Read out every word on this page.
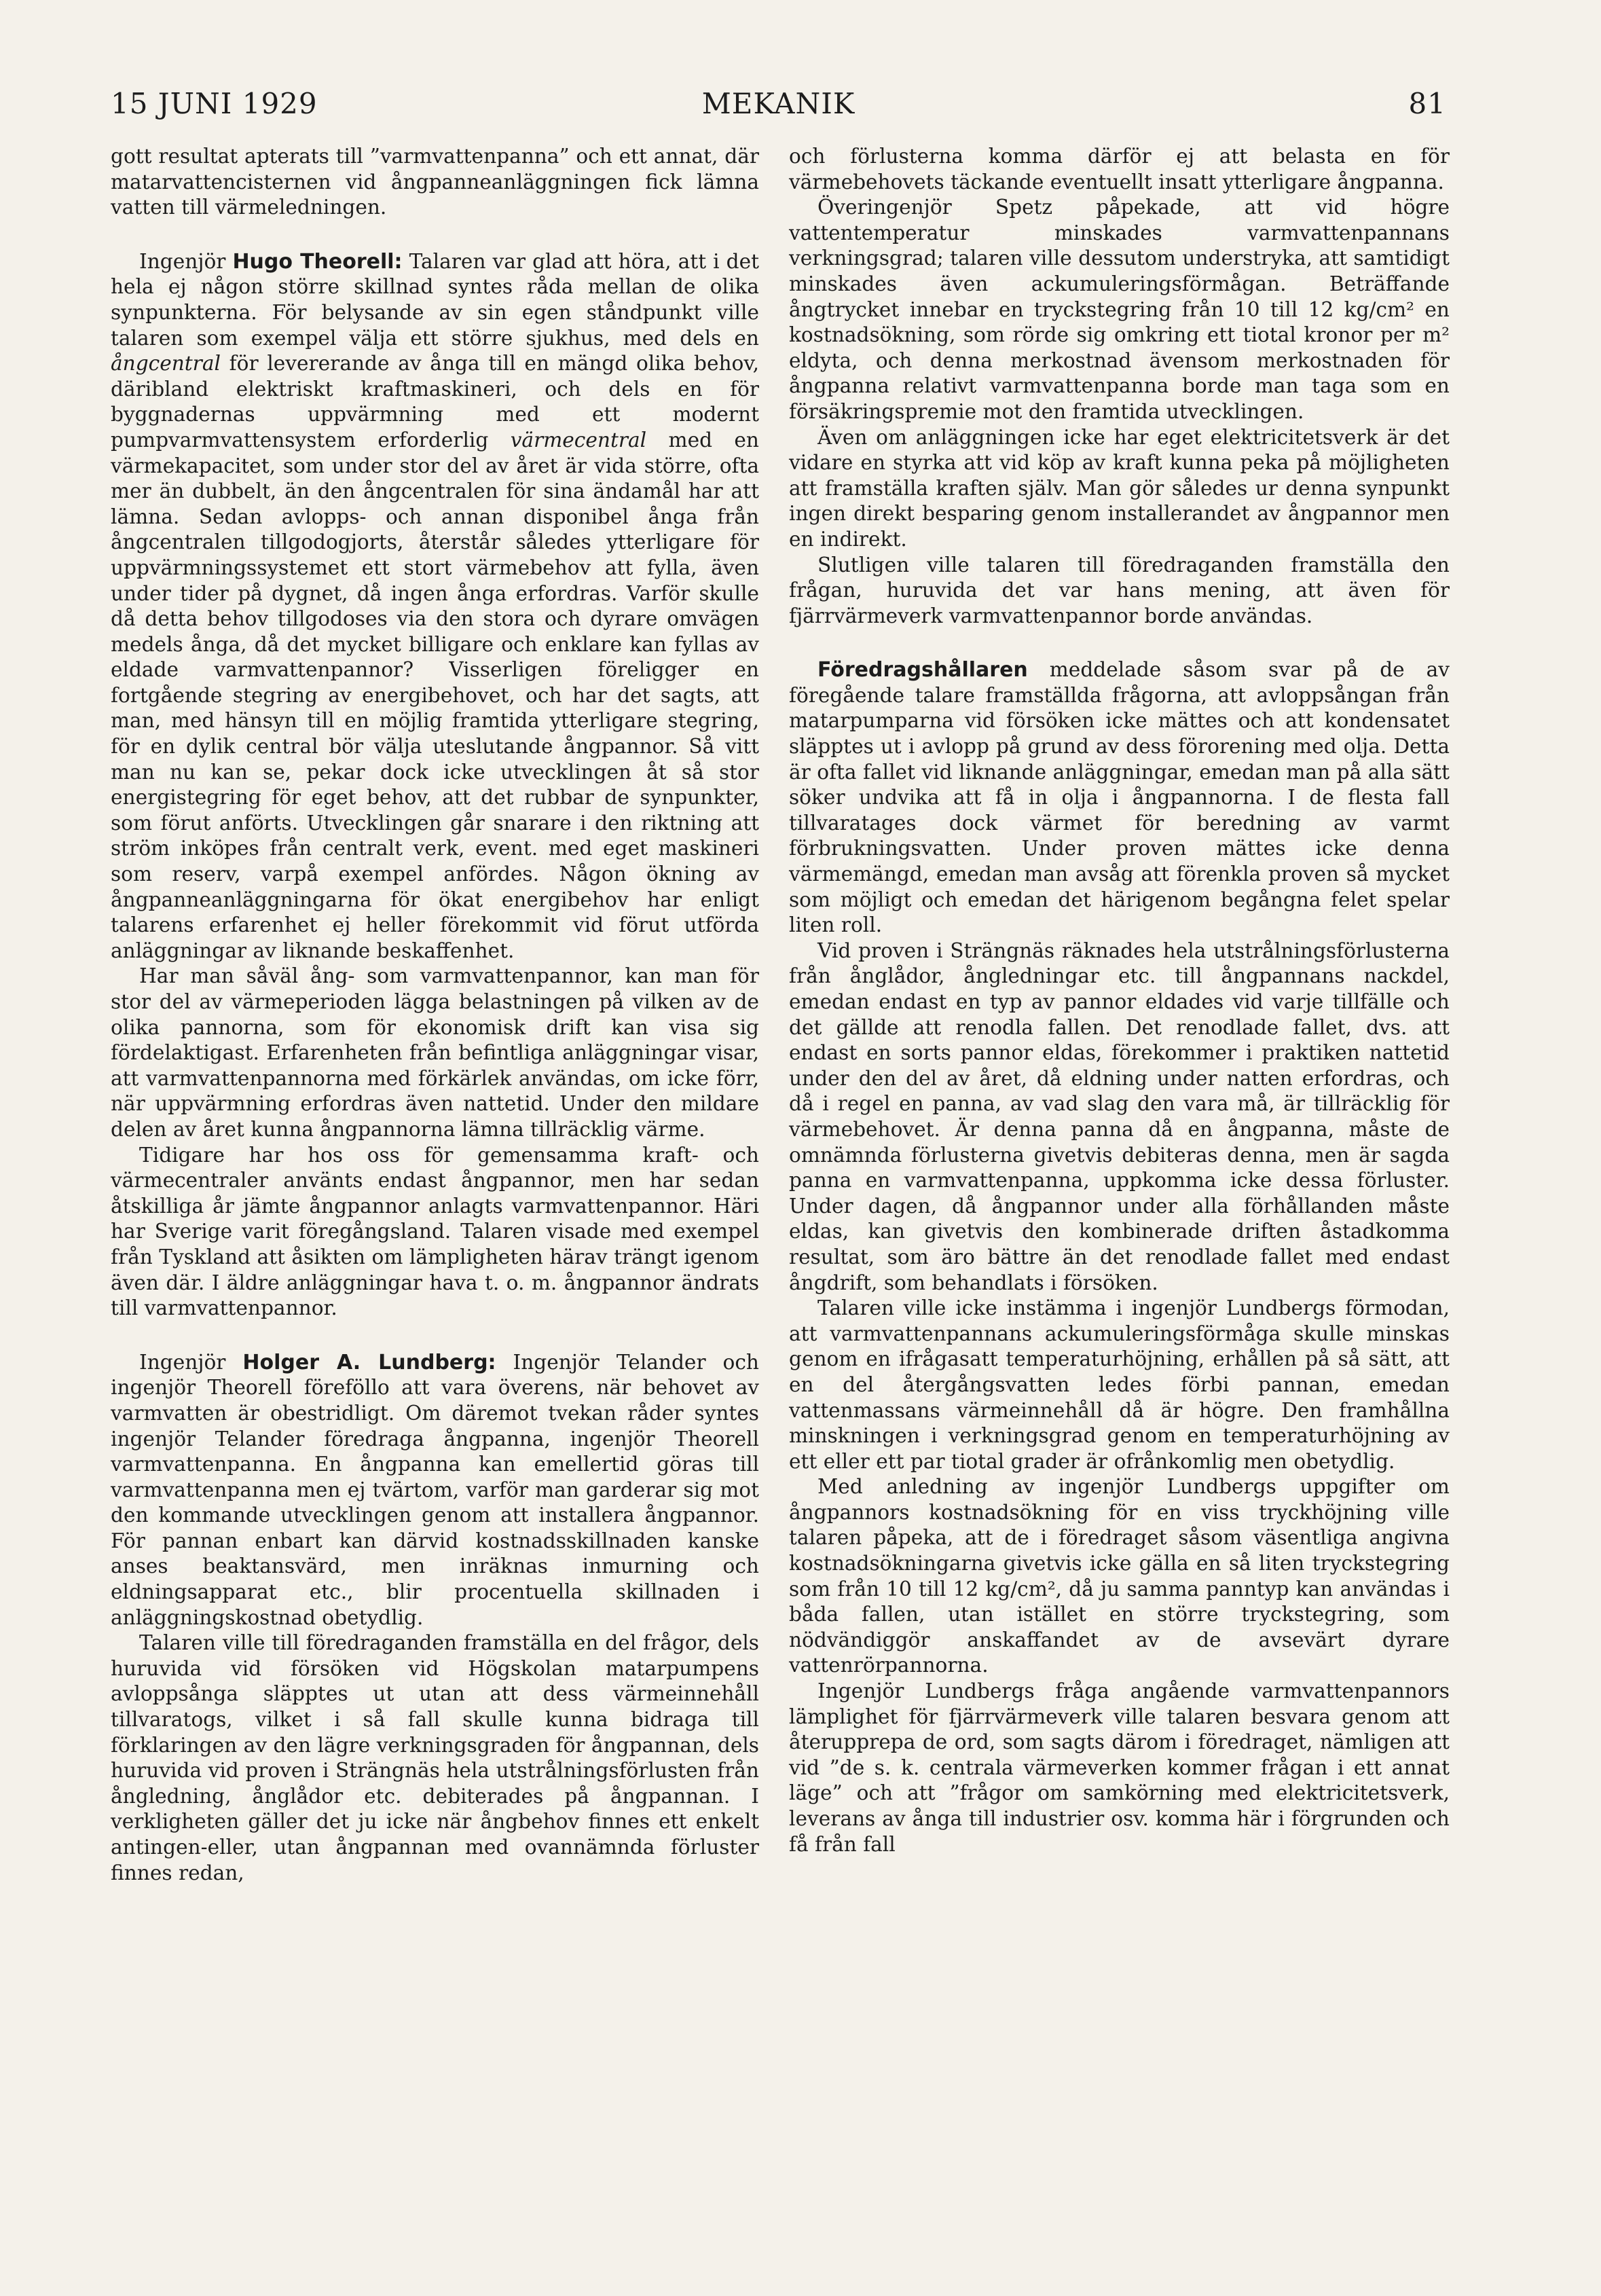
15 JUNI 1929	MEKANIK	81

gott resultat apterats till ”varmvattenpanna” och ett annat, där matarvattencisternen vid ångpanneanläggningen fick lämna vatten till värmeledningen.

Ingenjör Hugo Theorell: Talaren var glad att höra, att i det hela ej någon större skillnad syntes råda mellan de olika synpunkterna. För belysande av sin egen ståndpunkt ville talaren som exempel välja ett större sjukhus, med dels en ångcentral för levererande av ånga till en mängd olika behov, däribland elektriskt kraftmaskineri, och dels en för byggnadernas uppvärmning med ett modernt pumpvarmvattensystem erforderlig värmecentral med en värmekapacitet, som under stor del av året är vida större, ofta mer än dubbelt, än den ångcentralen för sina ändamål har att lämna. Sedan avlopps- och annan disponibel ånga från ångcentralen tillgodogjorts, återstår således ytterligare för uppvärmningssystemet ett stort värmebehov att fylla, även under tider på dygnet, då ingen ånga erfordras. Varför skulle då detta behov tillgodoses via den stora och dyrare omvägen medels ånga, då det mycket billigare och enklare kan fyllas av eldade varmvattenpannor? Visserligen föreligger en fortgående stegring av energibehovet, och har det sagts, att man, med hänsyn till en möjlig framtida ytterligare stegring, för en dylik central bör välja uteslutande ångpannor. Så vitt man nu kan se, pekar dock icke utvecklingen åt så stor energistegring för eget behov, att det rubbar de synpunkter, som förut anförts. Utvecklingen går snarare i den riktning att ström inköpes från centralt verk, event. med eget maskineri som reserv, varpå exempel anfördes. Någon ökning av ångpanneanläggningarna för ökat energibehov har enligt talarens erfarenhet ej heller förekommit vid förut utförda anläggningar av liknande beskaffenhet.

Har man såväl ång- som varmvattenpannor, kan man för stor del av värmeperioden lägga belastningen på vilken av de olika pannorna, som för ekonomisk drift kan visa sig fördelaktigast. Erfarenheten från befintliga anläggningar visar, att varmvattenpannorna med förkärlek användas, om icke förr, när uppvärmning erfordras även nattetid. Under den mildare delen av året kunna ångpannorna lämna tillräcklig värme.

Tidigare har hos oss för gemensamma kraft- och värmecentraler använts endast ångpannor, men har sedan åtskilliga år jämte ångpannor anlagts varmvattenpannor. Häri har Sverige varit föregångsland. Talaren visade med exempel från Tyskland att åsikten om lämpligheten härav trängt igenom även där. I äldre anläggningar hava t. o. m. ångpannor ändrats till varmvattenpannor.

Ingenjör Holger A. Lundberg: Ingenjör Telander och ingenjör Theorell föreföllo att vara överens, när behovet av varmvatten är obestridligt. Om däremot tvekan råder syntes ingenjör Telander föredraga ångpanna, ingenjör Theorell varmvattenpanna. En ångpanna kan emellertid göras till varmvattenpanna men ej tvärtom, varför man garderar sig mot den kommande utvecklingen genom att installera ångpannor. För pannan enbart kan därvid kostnadsskillnaden kanske anses beaktansvärd, men inräknas inmurning och eldningsapparat etc., blir procentuella skillnaden i anläggningskostnad obetydlig.

Talaren ville till föredraganden framställa en del frågor, dels huruvida vid försöken vid Högskolan matarpumpens avloppsånga släpptes ut utan att dess värmeinnehåll tillvaratogs, vilket i så fall skulle kunna bidraga till förklaringen av den lägre verkningsgraden för ångpannan, dels huruvida vid proven i Strängnäs hela utstrålningsförlusten från ångledning, ånglådor etc. debiterades på ångpannan. I verkligheten gäller det ju icke när ångbehov finnes ett enkelt antingen-eller, utan ångpannan med ovannämnda förluster finnes redan,

och förlusterna komma därför ej att belasta en för värmebehovets täckande eventuellt insatt ytterligare ångpanna.

Överingenjör Spetz påpekade, att vid högre vattentemperatur minskades varmvattenpannans verkningsgrad; talaren ville dessutom understryka, att samtidigt minskades även ackumuleringsförmågan. Beträffande ångtrycket innebar en tryckstegring från 10 till 12 kg/cm² en kostnadsökning, som rörde sig omkring ett tiotal kronor per m² eldyta, och denna merkostnad ävensom merkostnaden för ångpanna relativt varmvattenpanna borde man taga som en försäkringspremie mot den framtida utvecklingen.

Även om anläggningen icke har eget elektricitetsverk är det vidare en styrka att vid köp av kraft kunna peka på möjligheten att framställa kraften själv. Man gör således ur denna synpunkt ingen direkt besparing genom installerandet av ångpannor men en indirekt.

Slutligen ville talaren till föredraganden framställa den frågan, huruvida det var hans mening, att även för fjärrvärmeverk varmvattenpannor borde användas.

Föredragshållaren meddelade såsom svar på de av föregående talare framställda frågorna, att avloppsångan från matarpumparna vid försöken icke mättes och att kondensatet släpptes ut i avlopp på grund av dess förorening med olja. Detta är ofta fallet vid liknande anläggningar, emedan man på alla sätt söker undvika att få in olja i ångpannorna. I de flesta fall tillvaratages dock värmet för beredning av varmt förbrukningsvatten. Under proven mättes icke denna värmemängd, emedan man avsåg att förenkla proven så mycket som möjligt och emedan det härigenom begångna felet spelar liten roll.

Vid proven i Strängnäs räknades hela utstrålningsförlusterna från ånglådor, ångledningar etc. till ångpannans nackdel, emedan endast en typ av pannor eldades vid varje tillfälle och det gällde att renodla fallen. Det renodlade fallet, dvs. att endast en sorts pannor eldas, förekommer i praktiken nattetid under den del av året, då eldning under natten erfordras, och då i regel en panna, av vad slag den vara må, är tillräcklig för värmebehovet. Är denna panna då en ångpanna, måste de omnämnda förlusterna givetvis debiteras denna, men är sagda panna en varmvattenpanna, uppkomma icke dessa förluster. Under dagen, då ångpannor under alla förhållanden måste eldas, kan givetvis den kombinerade driften åstadkomma resultat, som äro bättre än det renodlade fallet med endast ångdrift, som behandlats i försöken.

Talaren ville icke instämma i ingenjör Lundbergs förmodan, att varmvattenpannans ackumuleringsförmåga skulle minskas genom en ifrågasatt temperaturhöjning, erhållen på så sätt, att en del återgångsvatten ledes förbi pannan, emedan vattenmassans värmeinnehåll då är högre. Den framhållna minskningen i verkningsgrad genom en temperaturhöjning av ett eller ett par tiotal grader är ofrånkomlig men obetydlig.

Med anledning av ingenjör Lundbergs uppgifter om ångpannors kostnadsökning för en viss tryckhöjning ville talaren påpeka, att de i föredraget såsom väsentliga angivna kostnadsökningarna givetvis icke gälla en så liten tryckstegring som från 10 till 12 kg/cm², då ju samma panntyp kan användas i båda fallen, utan istället en större tryckstegring, som nödvändiggör anskaffandet av de avsevärt dyrare vattenrörpannorna.

Ingenjör Lundbergs fråga angående varmvattenpannors lämplighet för fjärrvärmeverk ville talaren besvara genom att återupprepa de ord, som sagts därom i föredraget, nämligen att vid ”de s. k. centrala värmeverken kommer frågan i ett annat läge” och att ”frågor om samkörning med elektricitetsverk, leverans av ånga till industrier osv. komma här i förgrunden och få från fall
